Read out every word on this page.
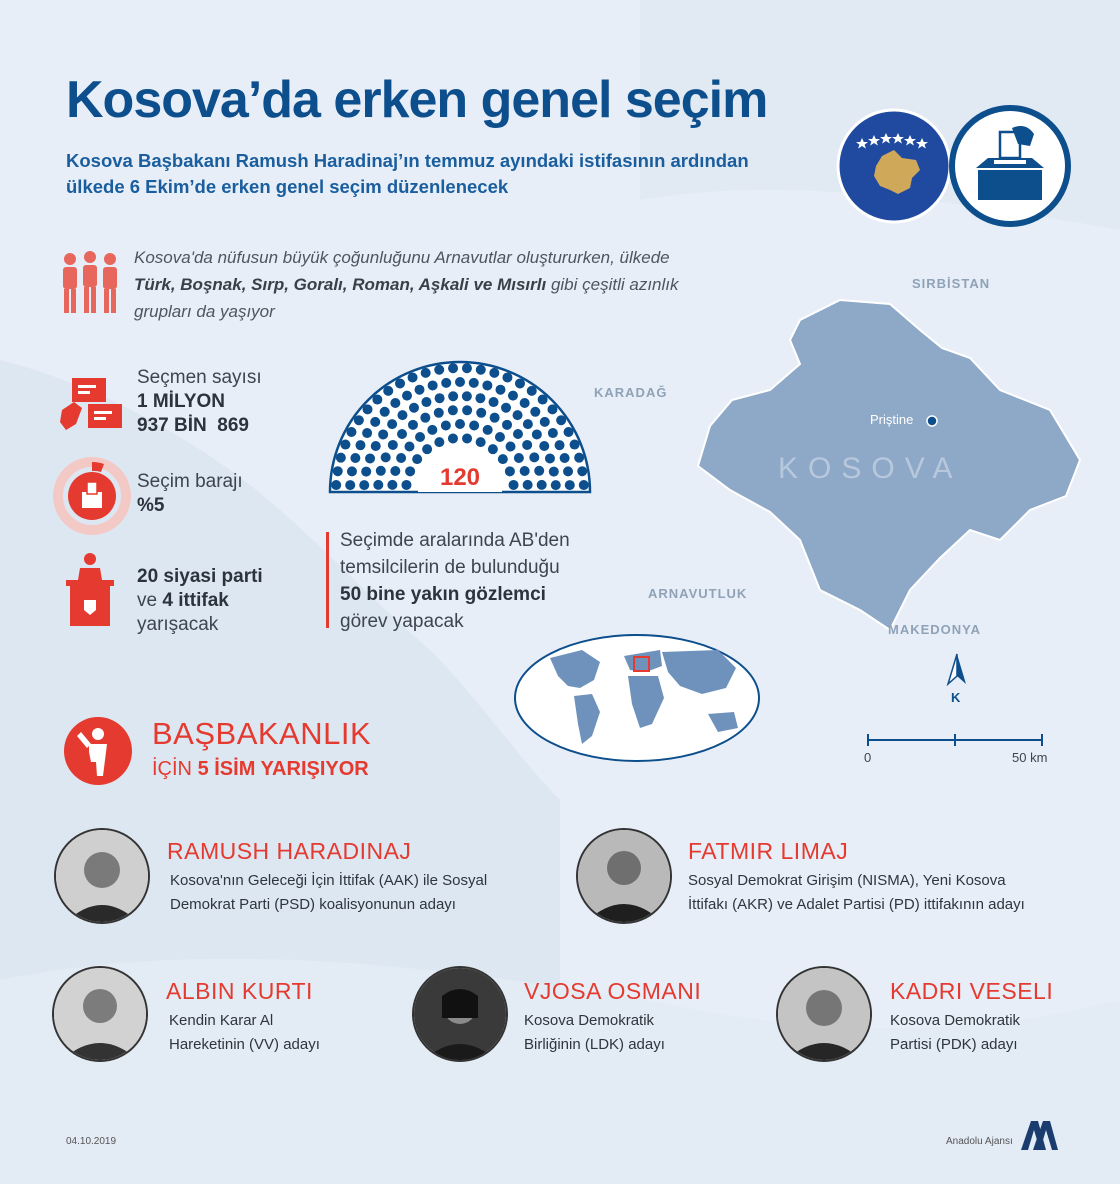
Kosova’da erken genel seçim
Kosova Başbakanı Ramush Haradinaj’ın temmuz ayındaki istifasının ardından ülkede 6 Ekim’de erken genel seçim düzenlenecek
Kosova'da nüfusun büyük çoğunluğunu Arnavutlar oluştururken, ülkede
Türk, Boşnak, Sırp, Goralı, Roman, Aşkali ve Mısırlı gibi çeşitli azınlık
grupları da yaşıyor
Seçmen sayısı
1 MİLYON
937 BİN  869
Seçim barajı
%5
20 siyasi parti
ve 4 ittifak
yarışacak
120
Seçimde aralarında AB'den
temsilcilerin de bulunduğu
50 bine yakın gözlemci
görev yapacak
Priştine
KOSOVA
SIRBİSTAN
KARADAĞ
ARNAVUTLUK
MAKEDONYA
K
0	50 km
BAŞBAKANLIK
İÇİN 5 İSİM YARIŞIYOR
RAMUSH HARADINAJ
Kosova'nın Geleceği İçin İttifak (AAK) ile Sosyal
Demokrat Parti (PSD) koalisyonunun adayı
FATMIR LIMAJ
Sosyal Demokrat Girişim (NISMA), Yeni Kosova
İttifakı (AKR) ve Adalet Partisi (PD) ittifakının adayı
ALBIN KURTI
Kendin Karar Al
Hareketinin (VV) adayı
VJOSA OSMANI
Kosova Demokratik
Birliğinin (LDK) adayı
KADRI VESELI
Kosova Demokratik
Partisi (PDK) adayı
04.10.2019	Anadolu Ajansı
